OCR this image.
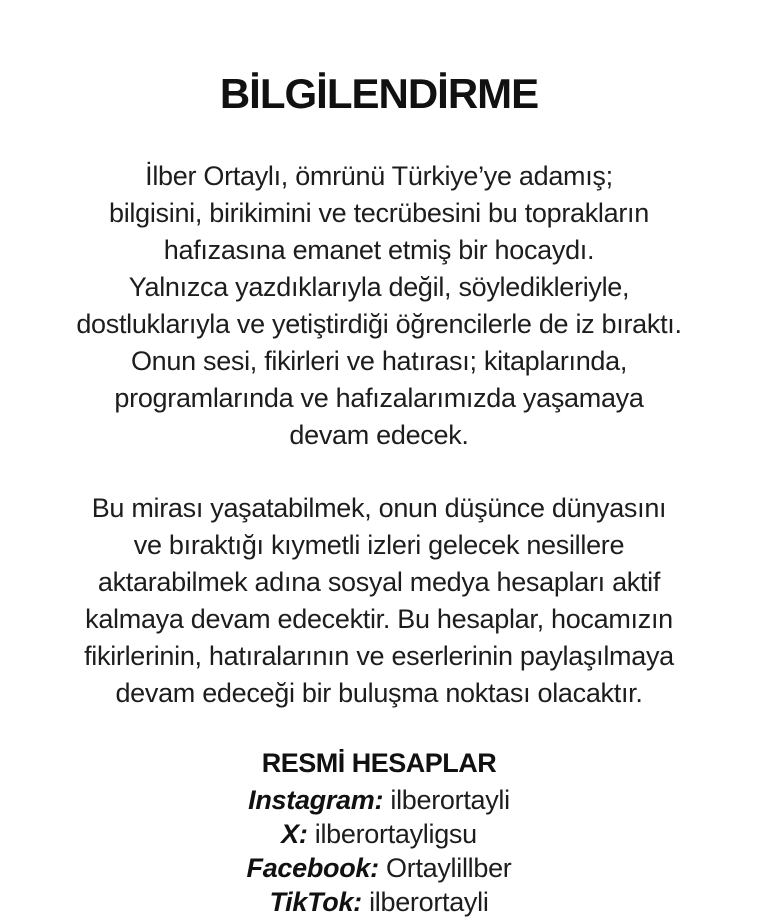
BİLGİLENDİRME

İlber Ortaylı, ömrünü Türkiye’ye adamış;
bilgisini, birikimini ve tecrübesini bu toprakların
hafızasına emanet etmiş bir hocaydı.
Yalnızca yazdıklarıyla değil, söyledikleriyle,
dostluklarıyla ve yetiştirdiği öğrencilerle de iz bıraktı.
Onun sesi, fikirleri ve hatırası; kitaplarında,
programlarında ve hafızalarımızda yaşamaya
devam edecek.

Bu mirası yaşatabilmek, onun düşünce dünyasını
ve bıraktığı kıymetli izleri gelecek nesillere
aktarabilmek adına sosyal medya hesapları aktif
kalmaya devam edecektir. Bu hesaplar, hocamızın
fikirlerinin, hatıralarının ve eserlerinin paylaşılmaya
devam edeceği bir buluşma noktası olacaktır.

RESMİ HESAPLAR
Instagram: ilberortayli
X: ilberortayligsu
Facebook: Ortaylillber
TikTok: ilberortayli
